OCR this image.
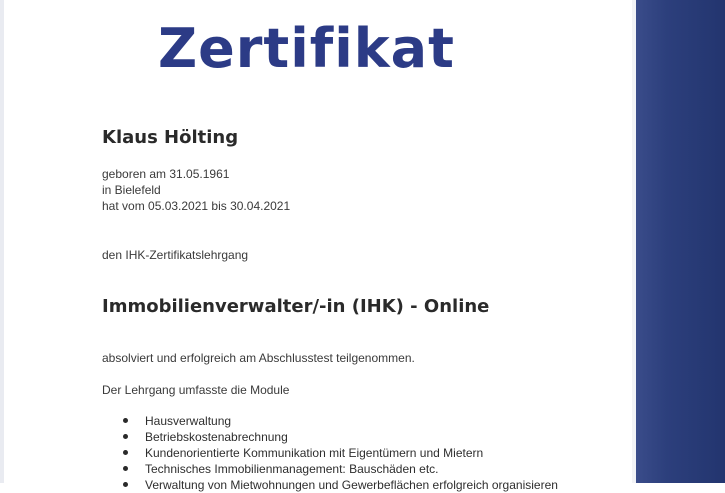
Zertifikat
Klaus Hölting

geboren am 31.05.1961

in Bielefeld

hat vom 05.03.2021 bis 30.04.2021

den IHK-Zertifikatslehrgang

Immobilienverwalter/-in (IHK) - Online

absolviert und erfolgreich am Abschlusstest teilgenommen.

Der Lehrgang umfasste die Module

Hausverwaltung
Betriebskostenabrechnung
Kundenorientierte Kommunikation mit Eigentümern und Mietern
Technisches Immobilienmanagement: Bauschäden etc.
Verwaltung von Mietwohnungen und Gewerbeflächen erfolgreich organisieren
